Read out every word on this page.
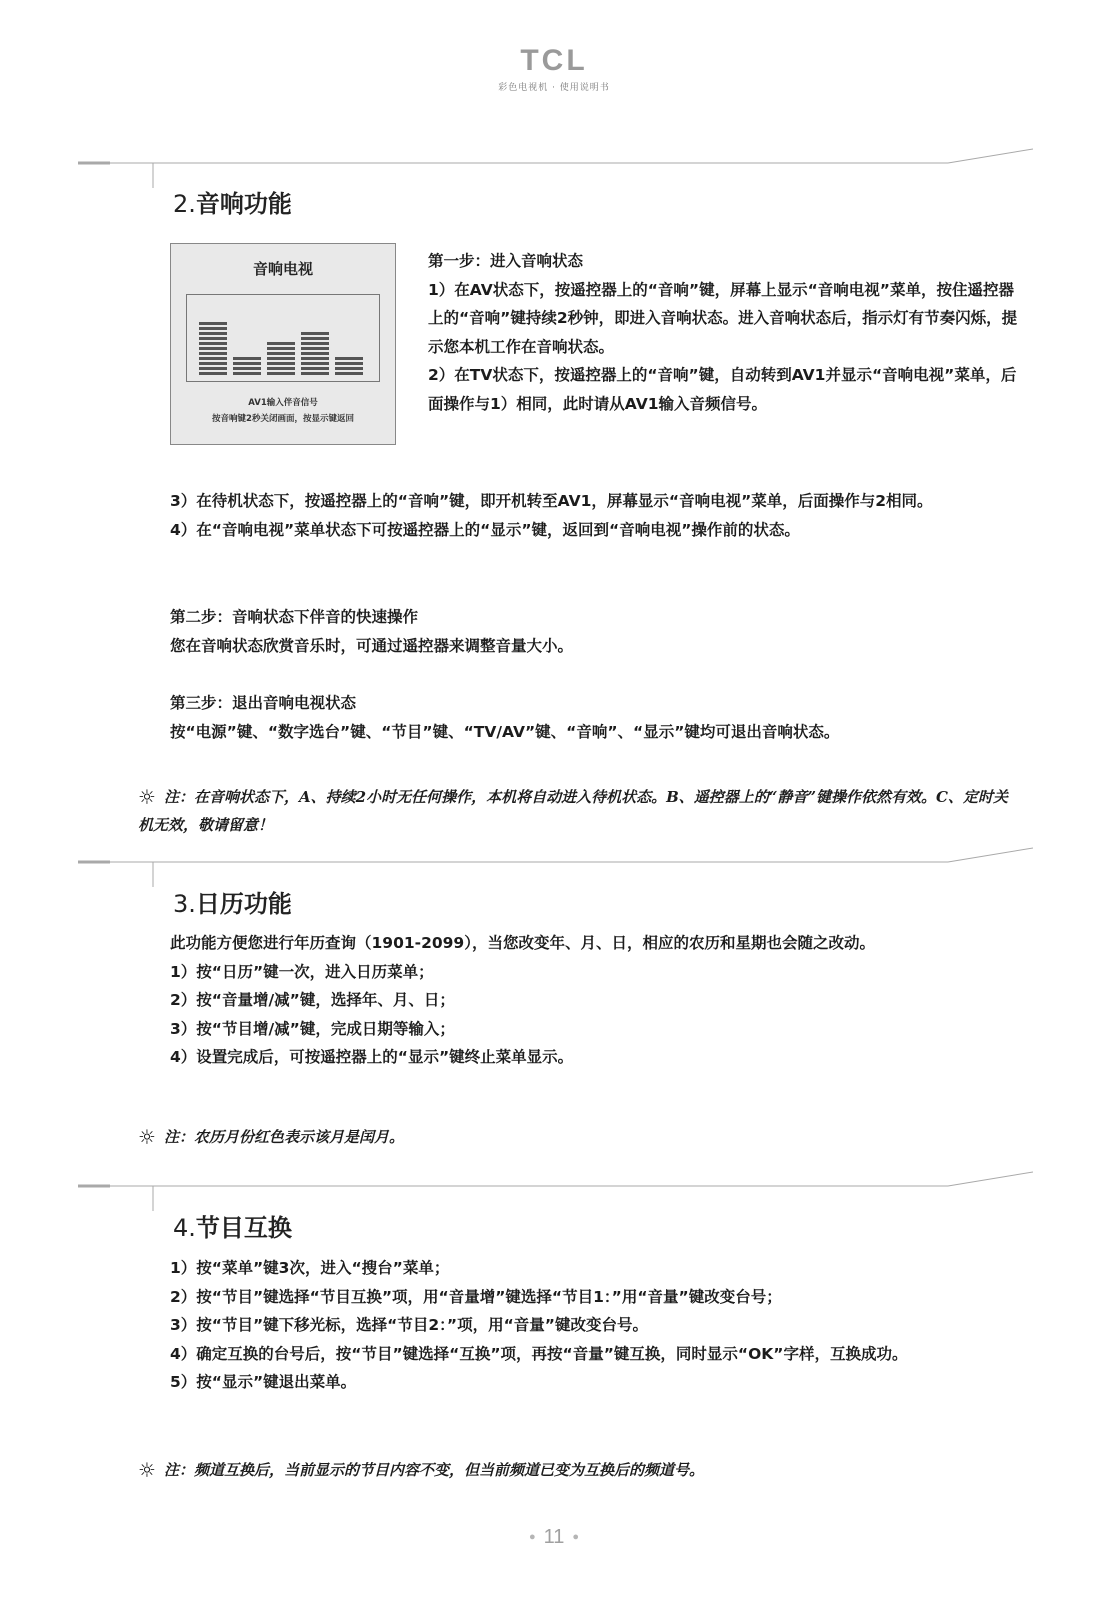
TCL
彩色电视机 · 使用说明书
2.音响功能
音响电视
AV1输入伴音信号
按音响键2秒关闭画面，按显示键返回

第一步：进入音响状态

1）在AV状态下，按遥控器上的“音响”键，屏幕上显示“音响电视”菜单，按住遥控器上的“音响”键持续2秒钟，即进入音响状态。进入音响状态后，指示灯有节奏闪烁，提示您本机工作在音响状态。

2）在TV状态下，按遥控器上的“音响”键，自动转到AV1并显示“音响电视”菜单，后面操作与1）相同，此时请从AV1输入音频信号。

3）在待机状态下，按遥控器上的“音响”键，即开机转至AV1，屏幕显示“音响电视”菜单，后面操作与2相同。

4）在“音响电视”菜单状态下可按遥控器上的“显示”键，返回到“音响电视”操作前的状态。

第二步：音响状态下伴音的快速操作

您在音响状态欣赏音乐时，可通过遥控器来调整音量大小。

第三步：退出音响电视状态

按“电源”键、“数字选台”键、“节目”键、“TV/AV”键、“音响”、“显示”键均可退出音响状态。

☼ 注：在音响状态下，A、持续2小时无任何操作，本机将自动进入待机状态。B、遥控器上的“静音”键操作依然有效。C、定时关机无效，敬请留意！
3.日历功能

此功能方便您进行年历查询（1901-2099），当您改变年、月、日，相应的农历和星期也会随之改动。

1）按“日历”键一次，进入日历菜单；

2）按“音量增/减”键，选择年、月、日；

3）按“节目增/减”键，完成日期等输入；

4）设置完成后，可按遥控器上的“显示”键终止菜单显示。

☼ 注：农历月份红色表示该月是闰月。
4.节目互换

1）按“菜单”键3次，进入“搜台”菜单；

2）按“节目”键选择“节目互换”项，用“音量增”键选择“节目1：”用“音量”键改变台号；

3）按“节目”键下移光标，选择“节目2：”项，用“音量”键改变台号。

4）确定互换的台号后，按“节目”键选择“互换”项，再按“音量”键互换，同时显示“OK”字样，互换成功。

5）按“显示”键退出菜单。

☼ 注：频道互换后，当前显示的节目内容不变，但当前频道已变为互换后的频道号。
● 11 ●
